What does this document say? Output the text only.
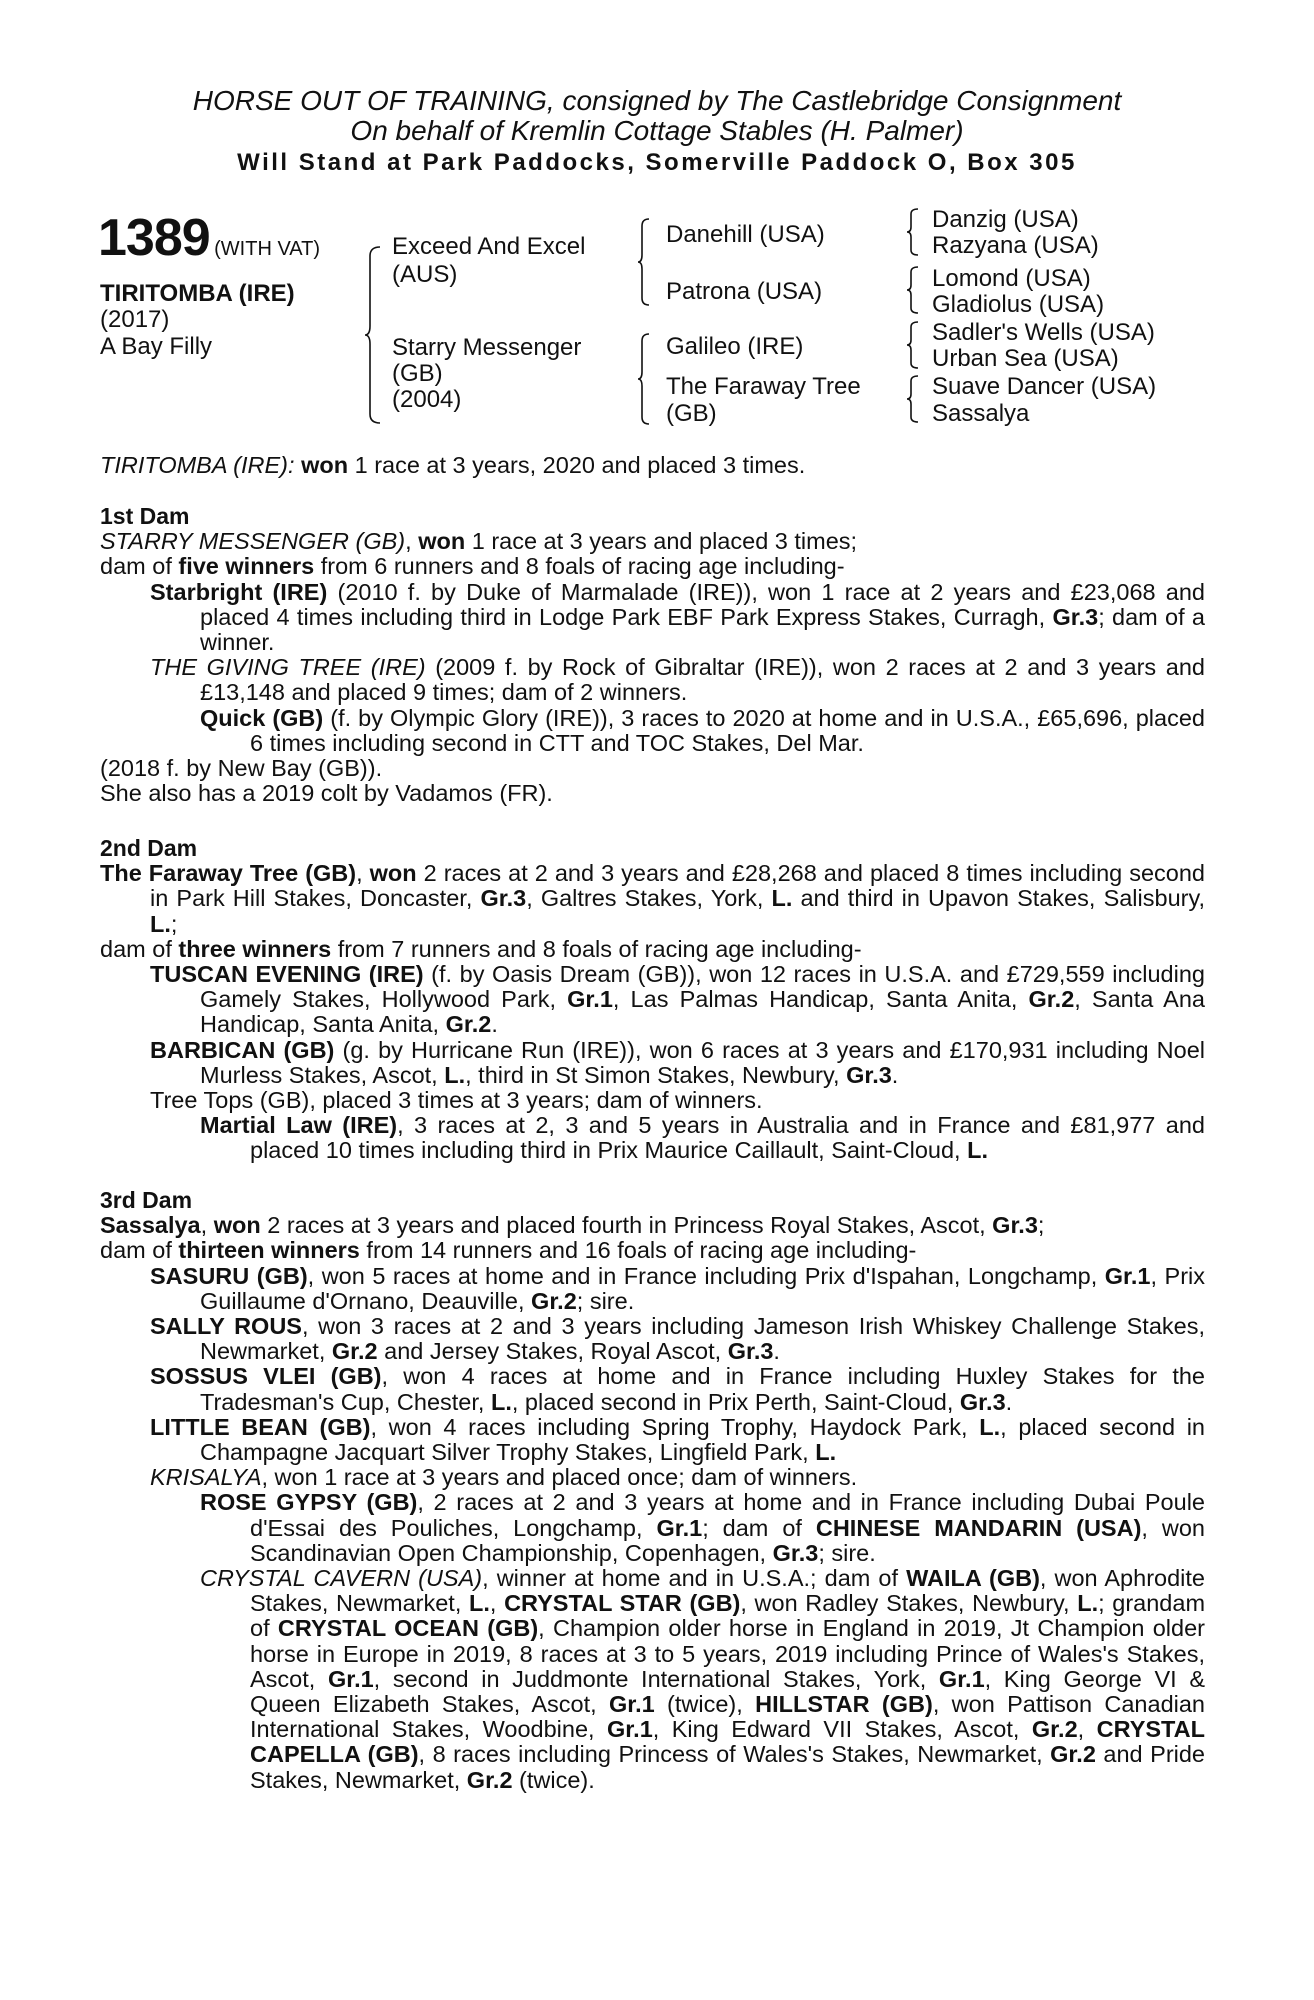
HORSE OUT OF TRAINING, consigned by The Castlebridge Consignment
On behalf of Kremlin Cottage Stables (H. Palmer)
Will Stand at Park Paddocks, Somerville Paddock O, Box 305
1389 (WITH VAT)
TIRITOMBA (IRE)
(2017)
A Bay Filly
Exceed And Excel
(AUS)
Starry Messenger
(GB)
(2004)
Danehill (USA)
Patrona (USA)
Galileo (IRE)
The Faraway Tree
(GB)
Danzig (USA)
Razyana (USA)
Lomond (USA)
Gladiolus (USA)
Sadler's Wells (USA)
Urban Sea (USA)
Suave Dancer (USA)
Sassalya
TIRITOMBA (IRE): won 1 race at 3 years, 2020 and placed 3 times.
1st Dam
STARRY MESSENGER (GB), won 1 race at 3 years and placed 3 times;
dam of five winners from 6 runners and 8 foals of racing age including-
Starbright (IRE) (2010 f. by Duke of Marmalade (IRE)), won 1 race at 2 years and £23,068 and placed 4 times including third in Lodge Park EBF Park Express Stakes, Curragh, Gr.3; dam of a winner.
THE GIVING TREE (IRE) (2009 f. by Rock of Gibraltar (IRE)), won 2 races at 2 and 3 years and £13,148 and placed 9 times; dam of 2 winners.
Quick (GB) (f. by Olympic Glory (IRE)), 3 races to 2020 at home and in U.S.A., £65,696, placed 6 times including second in CTT and TOC Stakes, Del Mar.
(2018 f. by New Bay (GB)).
She also has a 2019 colt by Vadamos (FR).
2nd Dam
The Faraway Tree (GB), won 2 races at 2 and 3 years and £28,268 and placed 8 times including second in Park Hill Stakes, Doncaster, Gr.3, Galtres Stakes, York, L. and third in Upavon Stakes, Salisbury, L.;
dam of three winners from 7 runners and 8 foals of racing age including-
TUSCAN EVENING (IRE) (f. by Oasis Dream (GB)), won 12 races in U.S.A. and £729,559 including Gamely Stakes, Hollywood Park, Gr.1, Las Palmas Handicap, Santa Anita, Gr.2, Santa Ana Handicap, Santa Anita, Gr.2.
BARBICAN (GB) (g. by Hurricane Run (IRE)), won 6 races at 3 years and £170,931 including Noel Murless Stakes, Ascot, L., third in St Simon Stakes, Newbury, Gr.3.
Tree Tops (GB), placed 3 times at 3 years; dam of winners.
Martial Law (IRE), 3 races at 2, 3 and 5 years in Australia and in France and £81,977 and placed 10 times including third in Prix Maurice Caillault, Saint-Cloud, L.
3rd Dam
Sassalya, won 2 races at 3 years and placed fourth in Princess Royal Stakes, Ascot, Gr.3;
dam of thirteen winners from 14 runners and 16 foals of racing age including-
SASURU (GB), won 5 races at home and in France including Prix d'Ispahan, Longchamp, Gr.1, Prix Guillaume d'Ornano, Deauville, Gr.2; sire.
SALLY ROUS, won 3 races at 2 and 3 years including Jameson Irish Whiskey Challenge Stakes, Newmarket, Gr.2 and Jersey Stakes, Royal Ascot, Gr.3.
SOSSUS VLEI (GB), won 4 races at home and in France including Huxley Stakes for the Tradesman's Cup, Chester, L., placed second in Prix Perth, Saint-Cloud, Gr.3.
LITTLE BEAN (GB), won 4 races including Spring Trophy, Haydock Park, L., placed second in Champagne Jacquart Silver Trophy Stakes, Lingfield Park, L.
KRISALYA, won 1 race at 3 years and placed once; dam of winners.
ROSE GYPSY (GB), 2 races at 2 and 3 years at home and in France including Dubai Poule d'Essai des Pouliches, Longchamp, Gr.1; dam of CHINESE MANDARIN (USA), won Scandinavian Open Championship, Copenhagen, Gr.3; sire.
CRYSTAL CAVERN (USA), winner at home and in U.S.A.; dam of WAILA (GB), won Aphrodite Stakes, Newmarket, L., CRYSTAL STAR (GB), won Radley Stakes, Newbury, L.; grandam of CRYSTAL OCEAN (GB), Champion older horse in England in 2019, Jt Champion older horse in Europe in 2019, 8 races at 3 to 5 years, 2019 including Prince of Wales's Stakes, Ascot, Gr.1, second in Juddmonte International Stakes, York, Gr.1, King George VI & Queen Elizabeth Stakes, Ascot, Gr.1 (twice), HILLSTAR (GB), won Pattison Canadian International Stakes, Woodbine, Gr.1, King Edward VII Stakes, Ascot, Gr.2, CRYSTAL CAPELLA (GB), 8 races including Princess of Wales's Stakes, Newmarket, Gr.2 and Pride Stakes, Newmarket, Gr.2 (twice).
